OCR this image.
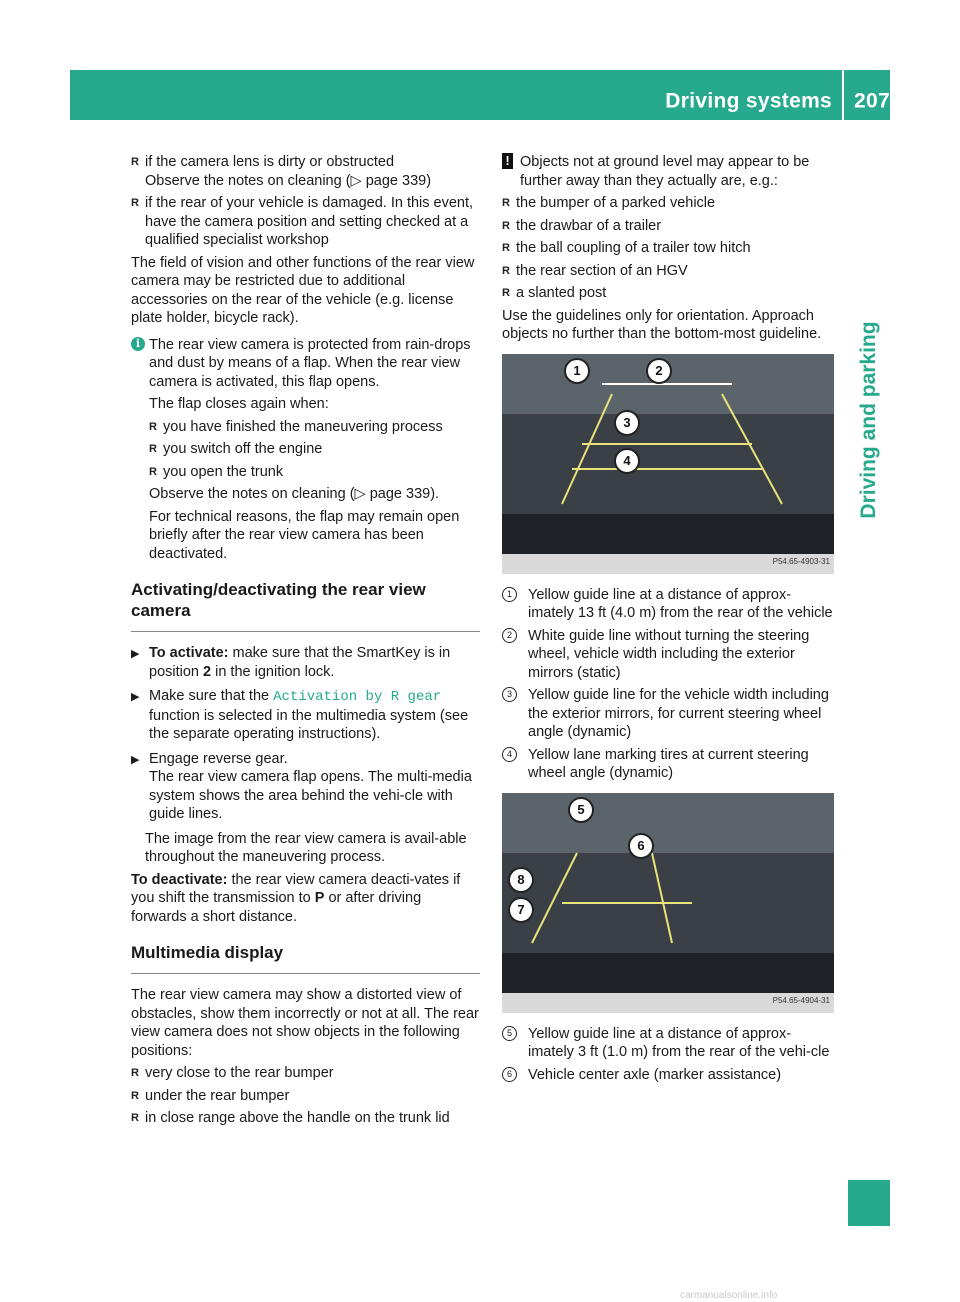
Driving systems 207
Driving and parking
R if the camera lens is dirty or obstructed
Observe the notes on cleaning (▷ page 339)
R if the rear of your vehicle is damaged. In this event, have the camera position and setting checked at a qualified specialist workshop

The field of vision and other functions of the rear view camera may be restricted due to additional accessories on the rear of the vehicle (e.g. license plate holder, bicycle rack).

i The rear view camera is protected from rain-drops and dust by means of a flap. When the rear view camera is activated, this flap opens.

The flap closes again when:

R you have finished the maneuvering process
R you switch off the engine
R you open the trunk

Observe the notes on cleaning (▷ page 339).

For technical reasons, the flap may remain open briefly after the rear view camera has been deactivated.

Activating/deactivating the rear view camera
▶ To activate: make sure that the SmartKey is in position 2 in the ignition lock.
▶ Make sure that the Activation by R gear function is selected in the multimedia system (see the separate operating instructions).
▶ Engage reverse gear.
The rear view camera flap opens. The multi-media system shows the area behind the vehi-cle with guide lines.

The image from the rear view camera is avail-able throughout the maneuvering process.

To deactivate: the rear view camera deacti-vates if you shift the transmission to P or after driving forwards a short distance.

Multimedia display

The rear view camera may show a distorted view of obstacles, show them incorrectly or not at all. The rear view camera does not show objects in the following positions:

R very close to the rear bumper
R under the rear bumper
R in close range above the handle on the trunk lid
! Objects not at ground level may appear to be further away than they actually are, e.g.:

R the bumper of a parked vehicle
R the drawbar of a trailer
R the ball coupling of a trailer tow hitch
R the rear section of an HGV
R a slanted post

Use the guidelines only for orientation. Approach objects no further than the bottom-most guideline.

1	2
3
4
P54.65-4903-31
1	Yellow guide line at a distance of approx-imately 13 ft (4.0 m) from the rear of the vehicle
2	White guide line without turning the steering wheel, vehicle width including the exterior mirrors (static)
3	Yellow guide line for the vehicle width including the exterior mirrors, for current steering wheel angle (dynamic)
4	Yellow lane marking tires at current steering wheel angle (dynamic)
5
6
8
7
P54.65-4904-31
5	Yellow guide line at a distance of approx-imately 3 ft (1.0 m) from the rear of the vehi-cle
6	Vehicle center axle (marker assistance)
carmanualsonline.info
